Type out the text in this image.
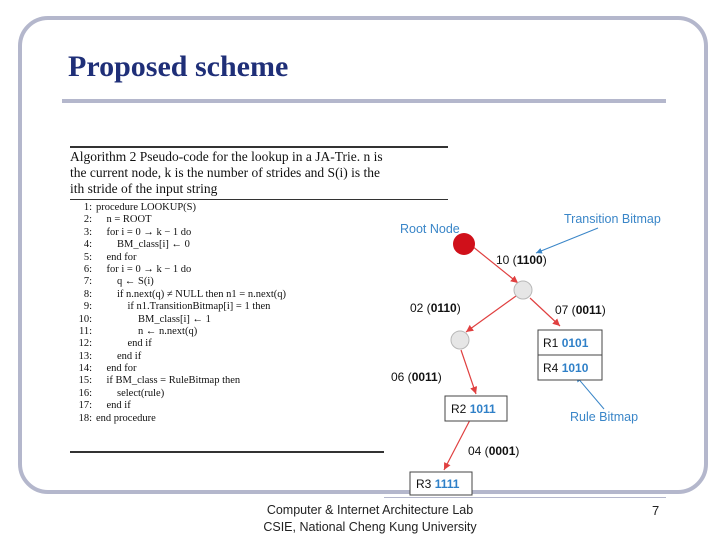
Proposed scheme
Algorithm 2 Pseudo-code for the lookup in a JA-Trie. n is
the current node, k is the number of strides and S(i) is the
ith stride of the input string
1: procedure LOOKUP(S)
2:    n = ROOT
3:    for i = 0 → k − 1 do
4:        BM_class[i] ← 0
5:    end for
6:    for i = 0 → k − 1 do
7:        q ← S(i)
8:        if n.next(q) ≠ NULL then n1 = n.next(q)
9:            if n1.TransitionBitmap[i] = 1 then
10:                BM_class[i] ← 1
11:                n ← n.next(q)
12:            end if
13:        end if
14:    end for
15:    if BM_class = RuleBitmap then
16:        select(rule)
17:    end if
18: end procedure
Root Node
Transition Bitmap
Rule Bitmap
10 (1100)
02 (0110)	07 (0011)
06 (0011)
04 (0001)
R1 0101
R4 1010
R2 1011
R3 1111
Computer & Internet Architecture Lab
CSIE, National Cheng Kung University
7
